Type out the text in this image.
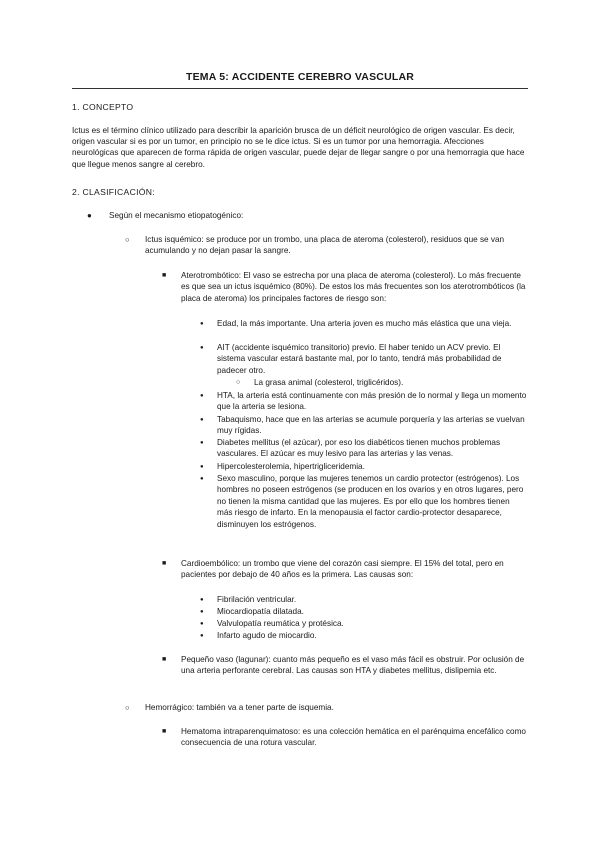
TEMA 5: ACCIDENTE CEREBRO VASCULAR
1. CONCEPTO
Ictus es el término clínico utilizado para describir la aparición brusca de un déficit neurológico de origen vascular. Es decir, origen vascular si es por un tumor, en principio no se le dice ictus. Si es un tumor por una hemorragia. Afecciones neurológicas que aparecen de forma rápida de origen vascular, puede dejar de llegar sangre o por una hemorragia que hace que llegue menos sangre al cerebro.
2. CLASIFICACIÓN:
● Según el mecanismo etiopatogénico:
○ Ictus isquémico: se produce por un trombo, una placa de ateroma (colesterol), residuos que se van acumulando y no dejan pasar la sangre.
■ Aterotrombótico: El vaso se estrecha por una placa de ateroma (colesterol). Lo más frecuente es que sea un ictus isquémico (80%). De estos los más frecuentes son los aterotrombóticos (la placa de ateroma) los principales factores de riesgo son:
● Edad, la más importante. Una arteria joven es mucho más elástica que una vieja.
● AIT (accidente isquémico transitorio) previo. El haber tenido un ACV previo. El sistema vascular estará bastante mal, por lo tanto, tendrá más probabilidad de padecer otro.
○ La grasa animal (colesterol, triglicéridos).
● HTA, la arteria está continuamente con más presión de lo normal y llega un momento que la arteria se lesiona.
● Tabaquismo, hace que en las arterias se acumule porquería y las arterias se vuelvan muy rígidas.
● Diabetes mellitus (el azúcar), por eso los diabéticos tienen muchos problemas vasculares. El azúcar es muy lesivo para las arterias y las venas.
● Hipercolesterolemia, hipertrigliceridemia.
● Sexo masculino, porque las mujeres tenemos un cardio protector (estrógenos). Los hombres no poseen estrógenos (se producen en los ovarios y en otros lugares, pero no tienen la misma cantidad que las mujeres. Es por ello que los hombres tienen más riesgo de infarto. En la menopausia el factor cardio-protector desaparece, disminuyen los estrógenos.
■ Cardioembólico: un trombo que viene del corazón casi siempre. El 15% del total, pero en pacientes por debajo de 40 años es la primera. Las causas son:
● Fibrilación ventricular.
● Miocardiopatía dilatada.
● Valvulopatía reumática y protésica.
● Infarto agudo de miocardio.
■ Pequeño vaso (lagunar): cuanto más pequeño es el vaso más fácil es obstruir. Por oclusión de una arteria perforante cerebral. Las causas son HTA y diabetes mellitus, dislipemia etc.
○ Hemorrágico: también va a tener parte de isquemia.
■ Hematoma intraparenquimatoso: es una colección hemática en el parénquima encefálico como consecuencia de una rotura vascular.
